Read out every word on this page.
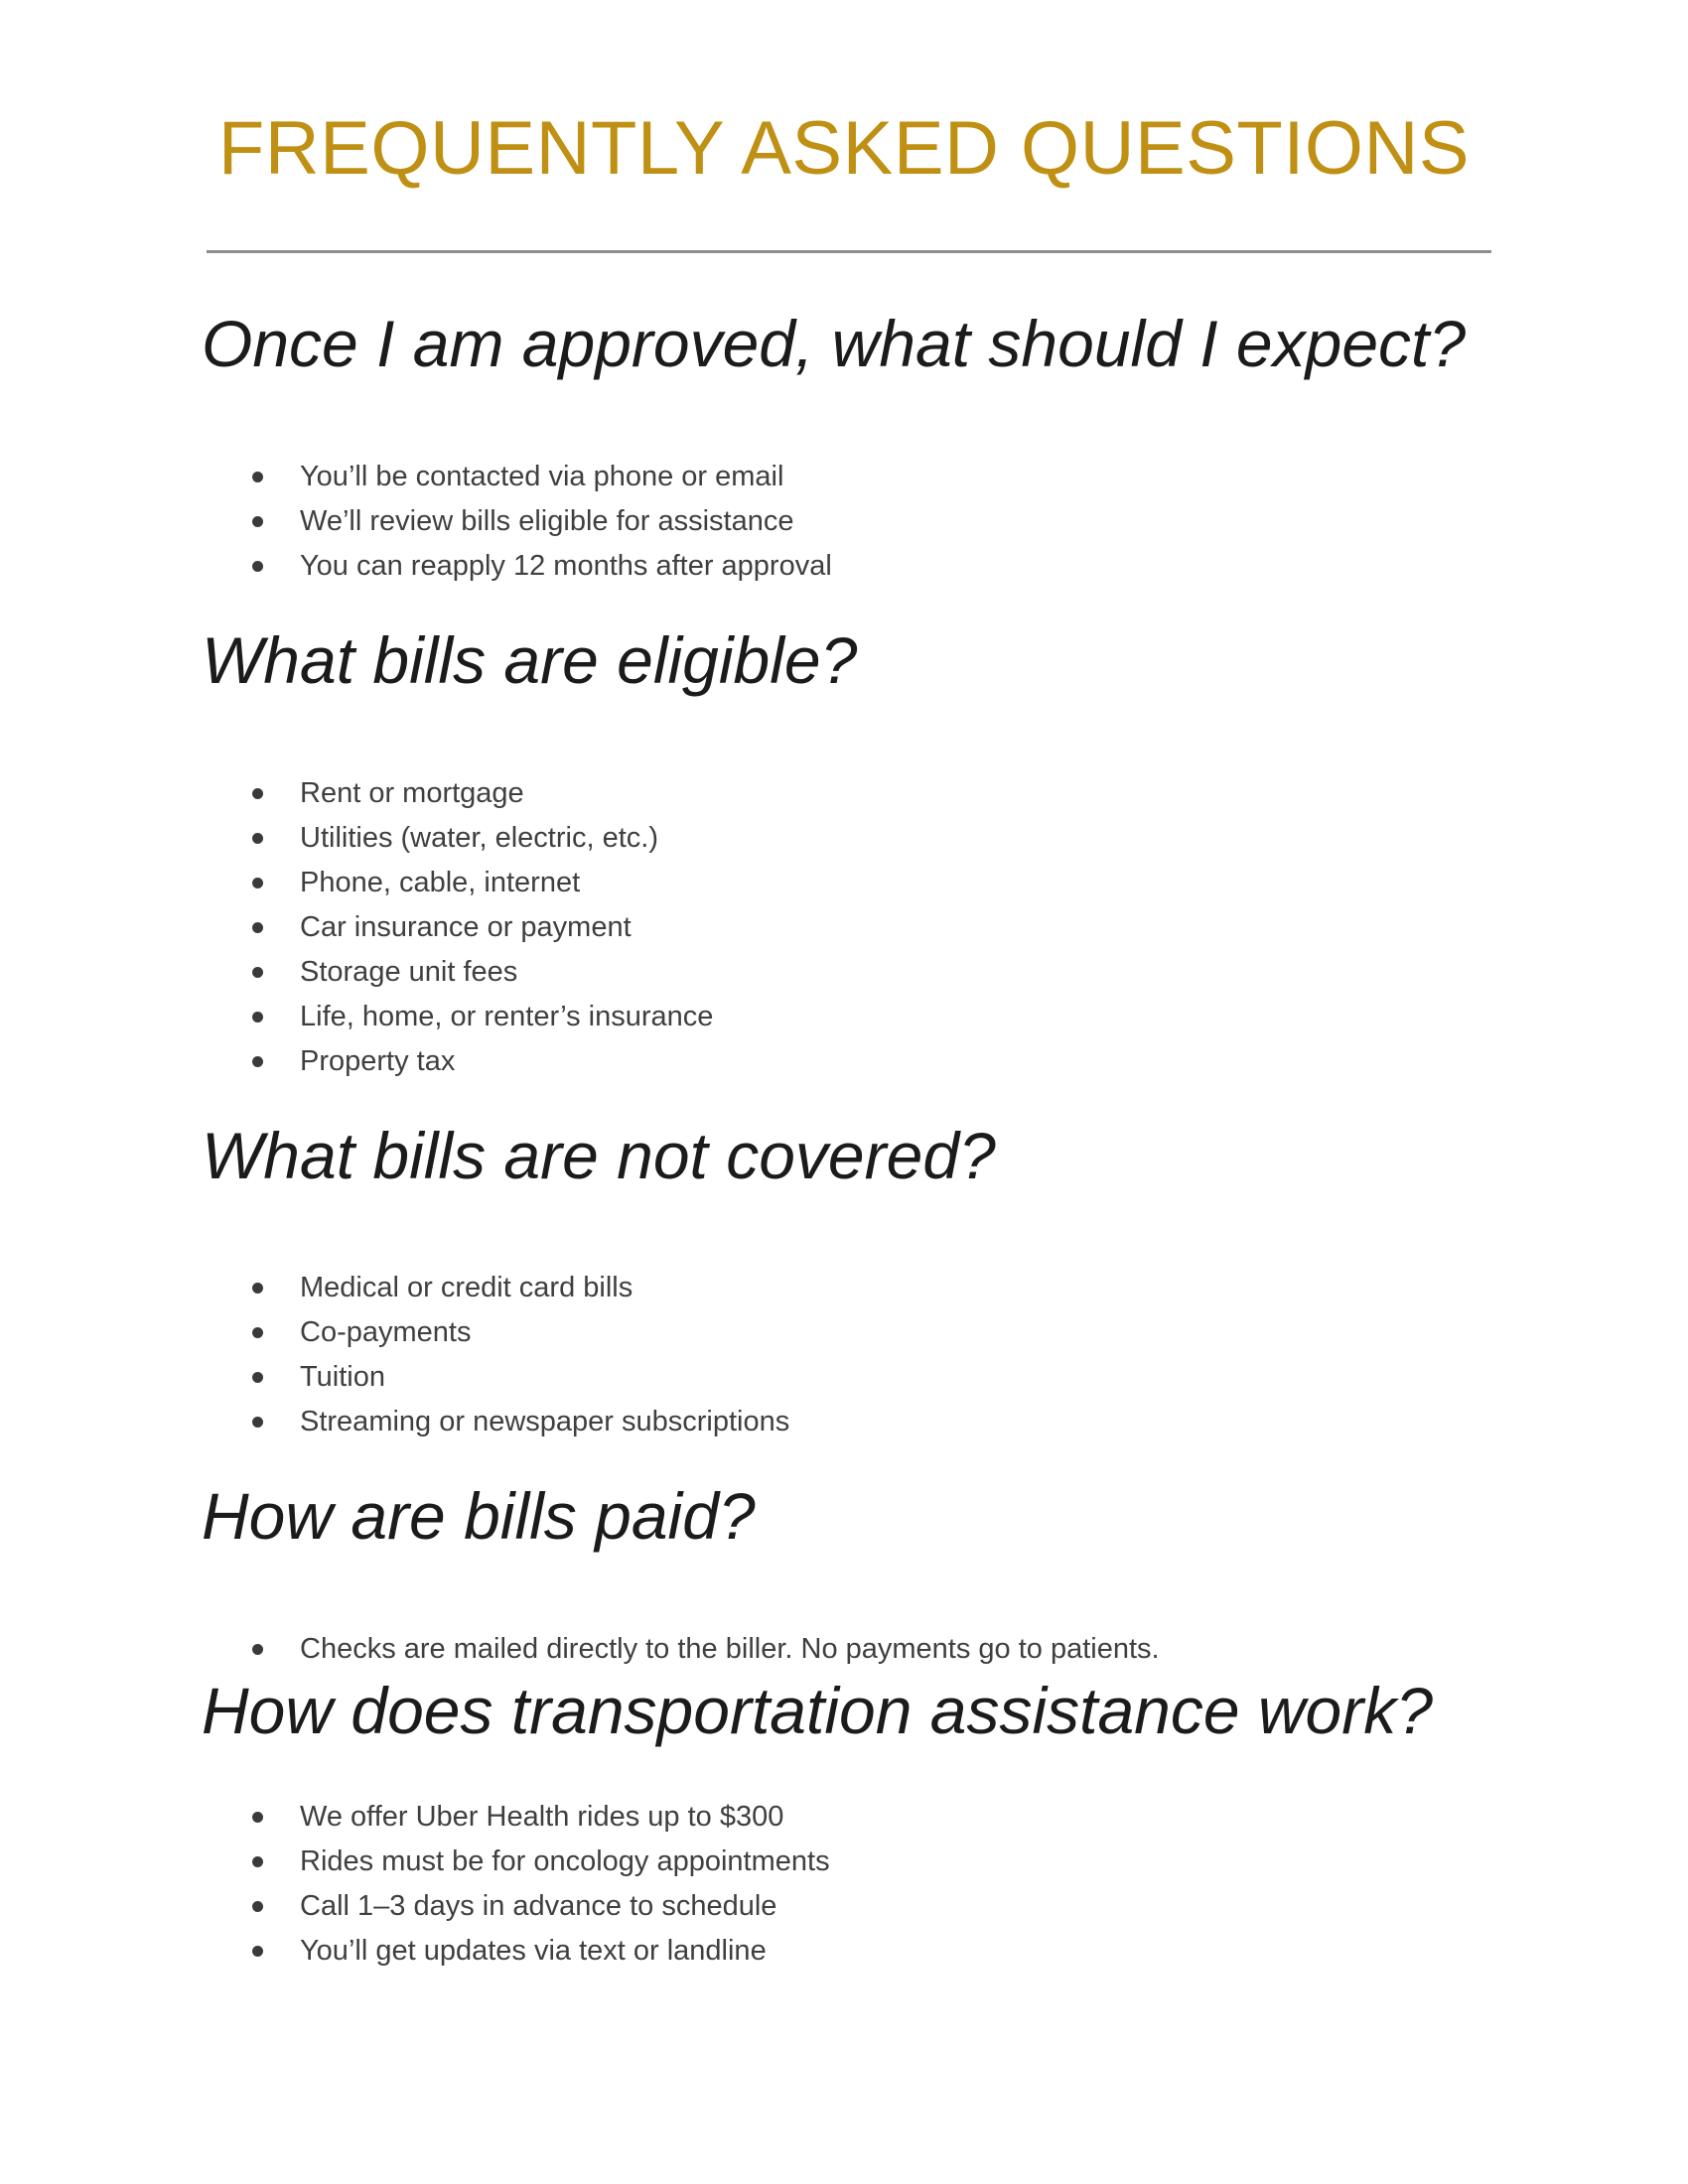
FREQUENTLY ASKED QUESTIONS
Once I am approved, what should I expect?
You’ll be contacted via phone or email
We’ll review bills eligible for assistance
You can reapply 12 months after approval
What bills are eligible?
Rent or mortgage
Utilities (water, electric, etc.)
Phone, cable, internet
Car insurance or payment
Storage unit fees
Life, home, or renter’s insurance
Property tax
What bills are not covered?
Medical or credit card bills
Co-payments
Tuition
Streaming or newspaper subscriptions
How are bills paid?
Checks are mailed directly to the biller. No payments go to patients.
How does transportation assistance work?
We offer Uber Health rides up to $300
Rides must be for oncology appointments
Call 1–3 days in advance to schedule
You’ll get updates via text or landline
